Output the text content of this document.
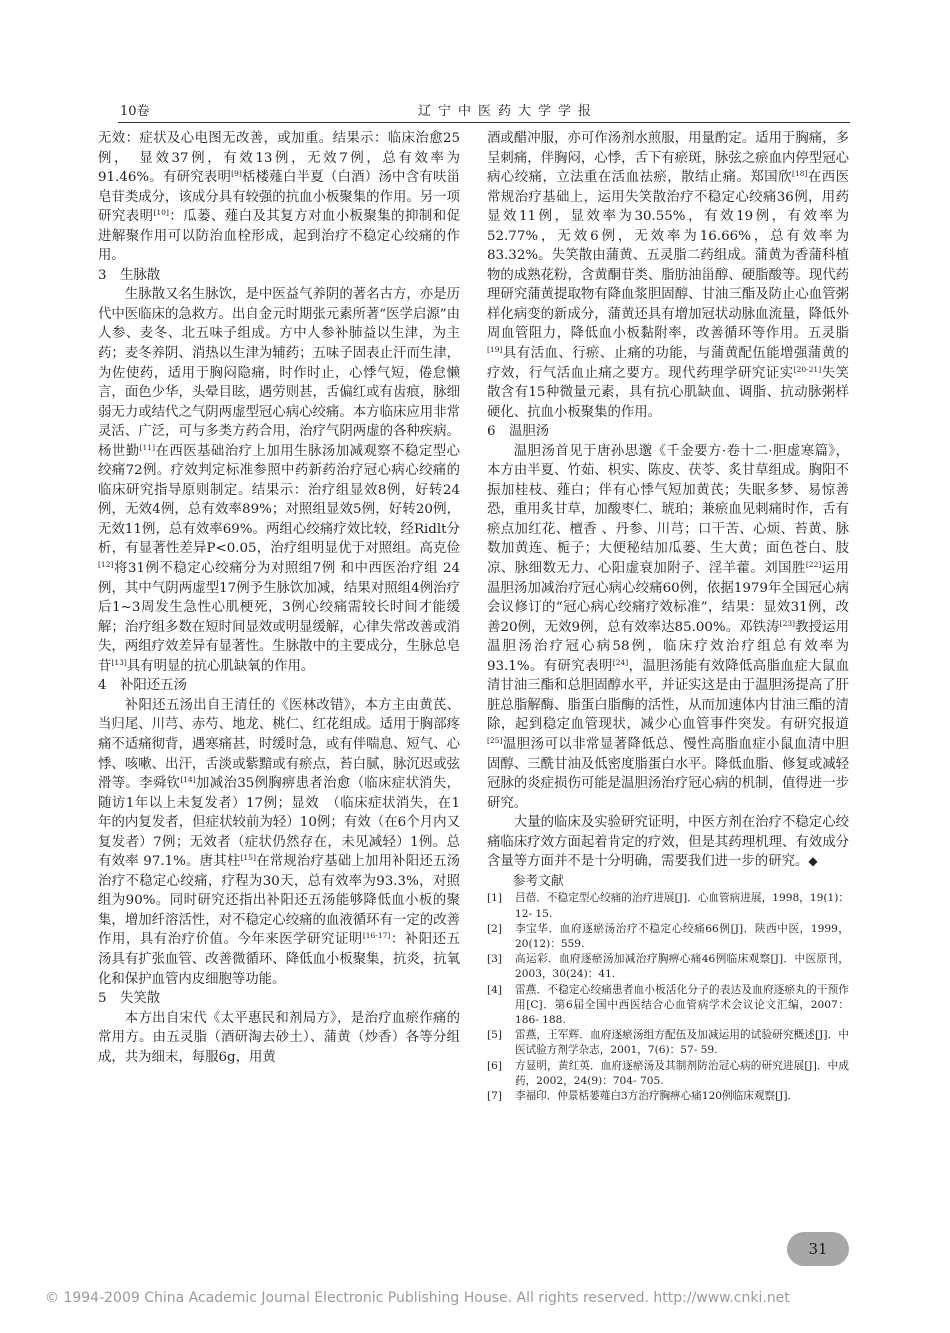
10卷	辽宁中医药大学学报

无效：症状及心电图无改善，或加重。结果示：临床治愈25例，　显效37例，有效13例，无效7例，总有效率为91.46%。有研究表明[9]栝楼薤白半夏（白酒）汤中含有呋甾皂苷类成分，该成分具有较强的抗血小板聚集的作用。另一项研究表明[10]：瓜蒌、薤白及其复方对血小板聚集的抑制和促进解聚作用可以防治血栓形成，起到治疗不稳定心绞痛的作用。

3 生脉散

生脉散又名生脉饮，是中医益气养阴的著名古方，亦是历代中医临床的急救方。出自金元时期张元素所著“医学启源”由人参、麦冬、北五味子组成。方中人参补肺益以生津，为主药；麦冬养阴、消热以生津为辅药；五味子固表止汗而生津，为佐使药，适用于胸闷隐痛，时作时止，心悸气短，倦怠懒言，面色少华，头晕目眩，遇劳则甚，舌偏红或有齿痕，脉细弱无力或结代之气阴两虚型冠心病心绞痛。本方临床应用非常灵活、广泛，可与多类方药合用，治疗气阴两虚的各种疾病。杨世勤[11]在西医基础治疗上加用生脉汤加减观察不稳定型心绞痛72例。疗效判定标准参照中药新药治疗冠心病心绞痛的临床研究指导原则制定。结果示：治疗组显效8例，好转24例，无效4例，总有效率89%；对照组显效5例，好转20例，无效11例，总有效率69%。两组心绞痛疗效比较，经Ridlt分析，有显著性差异P<0.05，治疗组明显优于对照组。高克俭[12]将31例不稳定心绞痛分为对照组7例 和中西医治疗组 24例，其中气阴两虚型17例予生脉饮加减，结果对照组4例治疗后1~3周发生急性心肌梗死，3例心绞痛需较长时间才能缓解；治疗组多数在短时间显效或明显缓解，心律失常改善或消失，两组疗效差异有显著性。生脉散中的主要成分，生脉总皂苷[13]具有明显的抗心肌缺氧的作用。

4 补阳还五汤

补阳还五汤出自王清任的《医林改错》，本方主由黄芪、当归尾、川芎、赤芍、地龙、桃仁、红花组成。适用于胸部疼痛不适痛彻背，遇寒痛甚，时缓时急，或有伴喘息、短气、心悸、咳嗽、出汗，舌淡或紫黯或有瘀点，苔白腻，脉沉迟或弦滑等。李舜钦[14]加减治35例胸痹患者治愈（临床症状消失，随访1年以上未复发者）17例；显效　（临床症状消失，在1年的内复发者，但症状较前为轻）10例；有效（在6个月内又复发者）7例；无效者（症状仍然存在，未见减轻）1例。总有效率 97.1%。唐其柱[15]在常规治疗基础上加用补阳还五汤治疗不稳定心绞痛，疗程为30天，总有效率为93.3%，对照组为90%。同时研究还指出补阳还五汤能够降低血小板的聚集，增加纤溶活性，对不稳定心绞痛的血液循环有一定的改善作用，具有治疗价值。今年来医学研究证明[16-17]：补阳还五汤具有扩张血管、改善微循环、降低血小板聚集，抗炎，抗氧化和保护血管内皮细胞等功能。

5 失笑散

本方出自宋代《太平惠民和剂局方》，是治疗血瘀作痛的常用方。由五灵脂（酒研淘去砂土）、蒲黄（炒香）各等分组成，共为细末，每服6g，用黄

酒或醋冲服，亦可作汤剂水煎服，用量酌定。适用于胸痛，多呈刺痛，伴胸闷，心悸，舌下有瘀斑，脉弦之瘀血内停型冠心病心绞痛，立法重在活血祛瘀，散结止痛。郑国欣[18]在西医常规治疗基础上，运用失笑散治疗不稳定心绞痛36例，用药显效11例，显效率为30.55%，有效19例，有效率为52.77%，无效6例，无效率为16.66%，总有效率为83.32%。失笑散由蒲黄、五灵脂二药组成。蒲黄为香蒲科植物的成熟花粉，含黄酮苷类、脂肪油甾醇、硬脂酸等。现代药理研究蒲黄提取物有降血浆胆固醇、甘油三酯及防止心血管粥样化病变的新成分，蒲黄还具有增加冠状动脉血流量，降低外周血管阻力，降低血小板黏附率，改善循环等作用。五灵脂[19]具有活血、行瘀、止痛的功能，与蒲黄配伍能增强蒲黄的疗效，行气活血止痛之要方。现代药理学研究证实[20-21]失笑散含有15种微量元素，具有抗心肌缺血、调脂、抗动脉粥样硬化、抗血小板聚集的作用。

6 温胆汤

温胆汤首见于唐孙思邈《千金要方·卷十二·胆虚寒篇》，本方由半夏、竹茹、枳实、陈皮、茯苓、炙甘草组成。胸阳不振加桂枝、薤白；伴有心悸气短加黄芪；失眠多梦、易惊善恐，重用炙甘草，加酸枣仁、琥珀；兼瘀血见刺痛时作，舌有瘀点加红花、檀香 、丹参、川芎；口干苦、心烦、苔黄、脉数加黄连、栀子；大便秘结加瓜蒌、生大黄；面色苍白、肢凉、脉细数无力、心阳虚衰加附子、淫羊藿。刘国胜[22]运用温胆汤加减治疗冠心病心绞痛60例，依据1979年全国冠心病会议修订的“冠心病心绞痛疗效标准”，结果：显效31例，改善20例，无效9例，总有效率达85.00%。邓铁涛[23]教授运用温胆汤治疗冠心病58例，临床疗效治疗组总有效率为93.1%。有研究表明[24]，温胆汤能有效降低高脂血症大鼠血清甘油三酯和总胆固醇水平，并证实这是由于温胆汤提高了肝脏总脂解酶、脂蛋白脂酶的活性，从而加速体内甘油三酯的清除，起到稳定血管现状，减少心血管事件突发。有研究报道[25]温胆汤可以非常显著降低总、慢性高脂血症小鼠血清中胆固醇、三酰甘油及低密度脂蛋白水平。降低血脂、修复或减轻冠脉的炎症损伤可能是温胆汤治疗冠心病的机制，值得进一步研究。

大量的临床及实验研究证明，中医方剂在治疗不稳定心绞痛临床疗效方面起着肯定的疗效，但是其药理机理、有效成分含量等方面并不是十分明确，需要我们进一步的研究。◆

参考文献

[1]	吕蓓．不稳定型心绞痛的治疗进展[J]．心血管病进展，1998，19(1)：12- 15.
[2]	李宝华．血府逐瘀汤治疗不稳定心绞痛66例[J]．陕西中医，1999，20(12)：559.
[3]	高运彩．血府逐瘀汤加减治疗胸痹心痛46例临床观察[J]．中医原刊，2003，30(24)：41.
[4]	雷燕．不稳定心绞痛患者血小板活化分子的表达及血府逐瘀丸的干预作用[C]．第6届全国中西医结合心血管病学术会议论文汇编，2007：186- 188.
[5]	雷燕，王军辉．血府逐瘀汤组方配伍及加减运用的试验研究概述[J]．中医试验方剂学杂志，2001，7(6)：57- 59.
[6]	方显明，黄红英．血府逐瘀汤及其制剂防治冠心病的研究进展[J]．中成药，2002，24(9)：704- 705.
[7]	李福印．仲景栝蒌薤白3方治疗胸痹心痛120例临床观察[J]．
31
© 1994-2009 China Academic Journal Electronic Publishing House. All rights reserved. http://www.cnki.net
